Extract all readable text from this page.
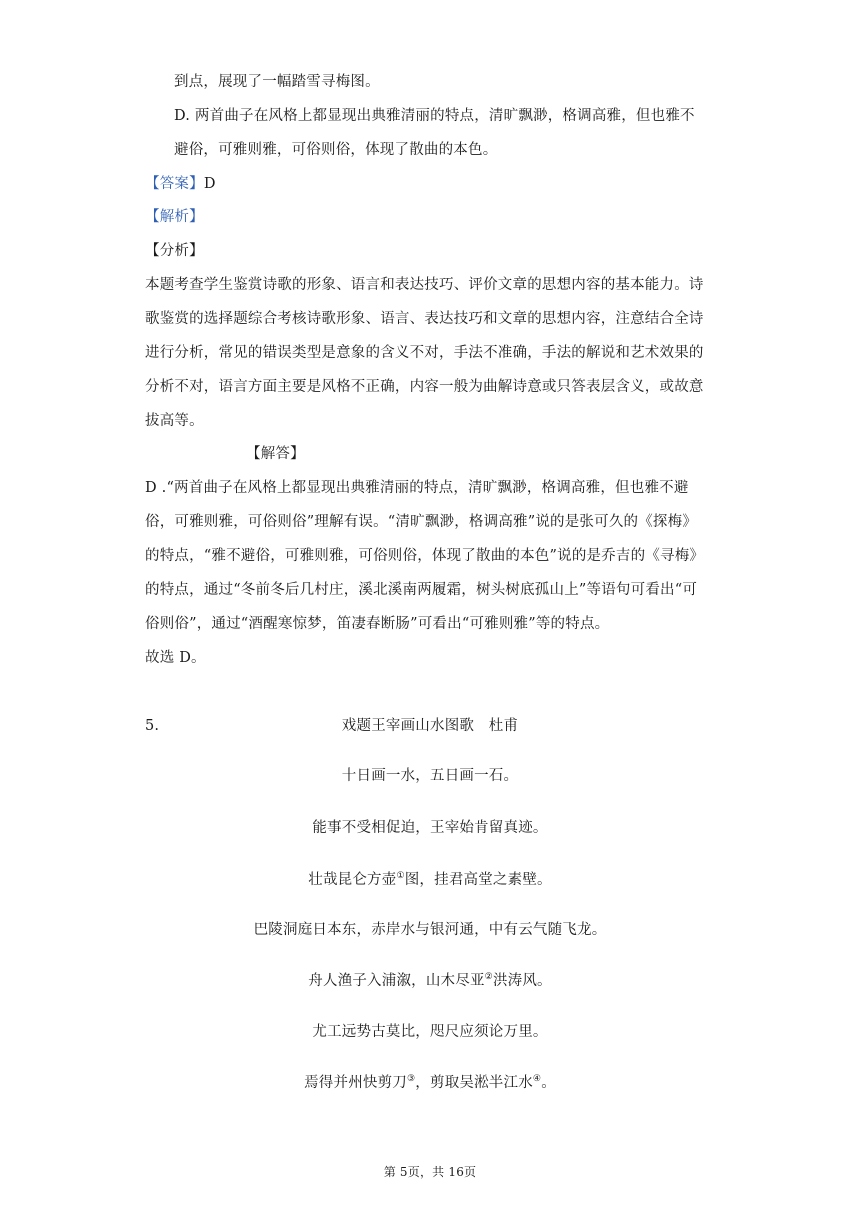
到点，展现了一幅踏雪寻梅图。
D. 两首曲子在风格上都显现出典雅清丽的特点，清旷飘渺，格调高雅，但也雅不
避俗，可雅则雅，可俗则俗，体现了散曲的本色。
【答案】D
【解析】
【分析】
本题考查学生鉴赏诗歌的形象、语言和表达技巧、评价文章的思想内容的基本能力。诗
歌鉴赏的选择题综合考核诗歌形象、语言、表达技巧和文章的思想内容，注意结合全诗
进行分析，常见的错误类型是意象的含义不对，手法不准确，手法的解说和艺术效果的
分析不对，语言方面主要是风格不正确，内容一般为曲解诗意或只答表层含义，或故意
拔高等。
【解答】
D .“两首曲子在风格上都显现出典雅清丽的特点，清旷飘渺，格调高雅，但也雅不避
俗，可雅则雅，可俗则俗”理解有误。“清旷飘渺，格调高雅”说的是张可久的《探梅》
的特点，“雅不避俗，可雅则雅，可俗则俗，体现了散曲的本色”说的是乔吉的《寻梅》
的特点，通过“冬前冬后几村庄，溪北溪南两履霜，树头树底孤山上”等语句可看出“可
俗则俗”，通过“酒醒寒惊梦，笛凄春断肠”可看出“可雅则雅”等的特点。
故选 D。
5.	戏题王宰画山水图歌　杜甫
十日画一水，五日画一石。
能事不受相促迫，王宰始肯留真迹。
壮哉昆仑方壶①图，挂君高堂之素壁。
巴陵洞庭日本东，赤岸水与银河通，中有云气随飞龙。
舟人渔子入浦溆，山木尽亚②洪涛风。
尤工远势古莫比，咫尺应须论万里。
焉得并州快剪刀③，剪取吴淞半江水④。
第 5页，共 16页
